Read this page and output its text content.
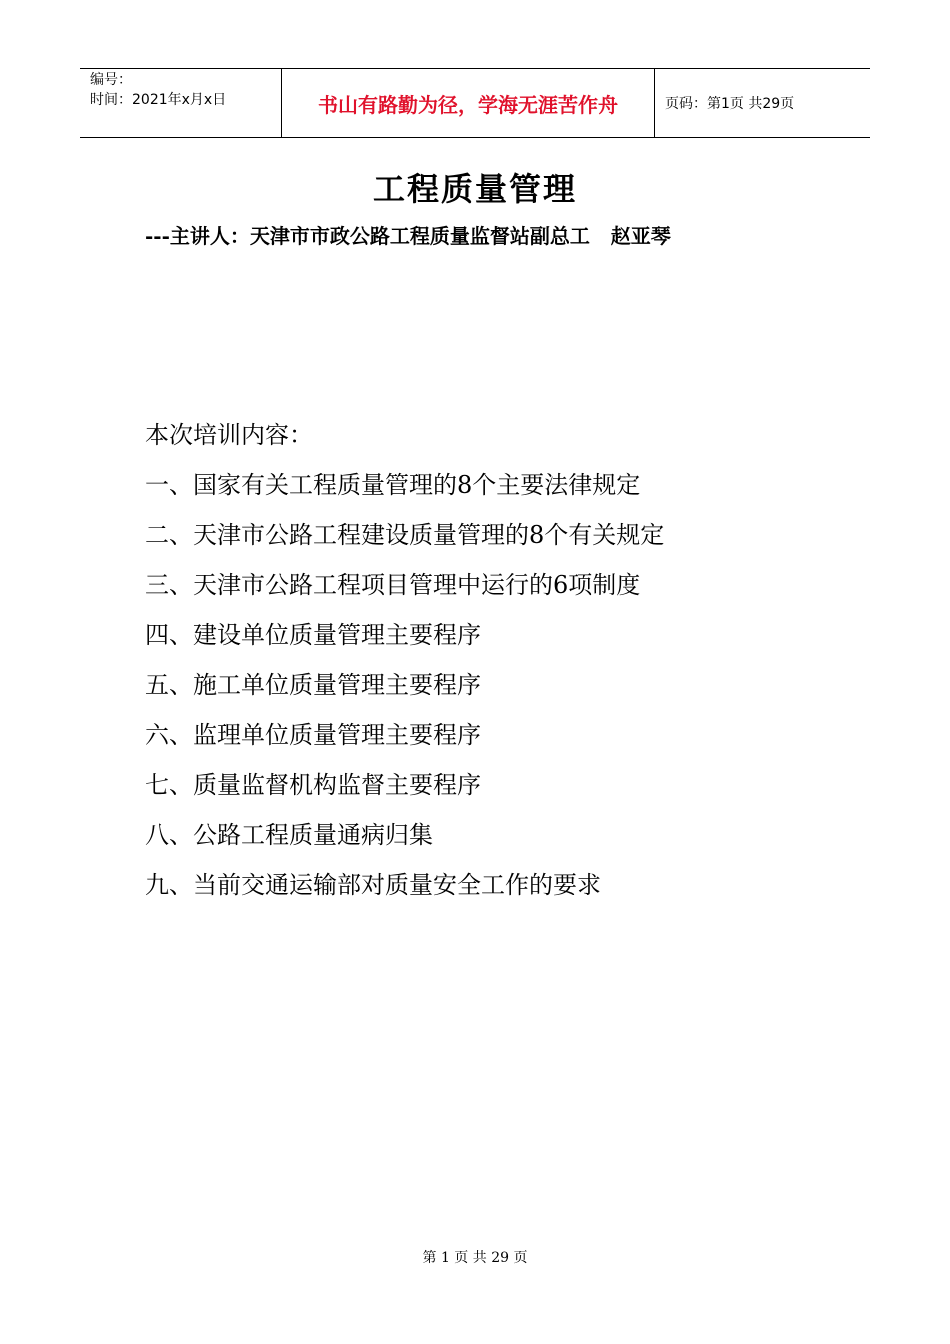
编号：
时间：2021年x月x日	书山有路勤为径，学海无涯苦作舟	页码：第1页 共29页
工程质量管理
---主讲人：天津市市政公路工程质量监督站副总工   赵亚琴
本次培训内容：
一、国家有关工程质量管理的8个主要法律规定
二、天津市公路工程建设质量管理的8个有关规定
三、天津市公路工程项目管理中运行的6项制度
四、建设单位质量管理主要程序
五、施工单位质量管理主要程序
六、监理单位质量管理主要程序
七、质量监督机构监督主要程序
八、公路工程质量通病归集
九、当前交通运输部对质量安全工作的要求
第 1 页 共 29 页
